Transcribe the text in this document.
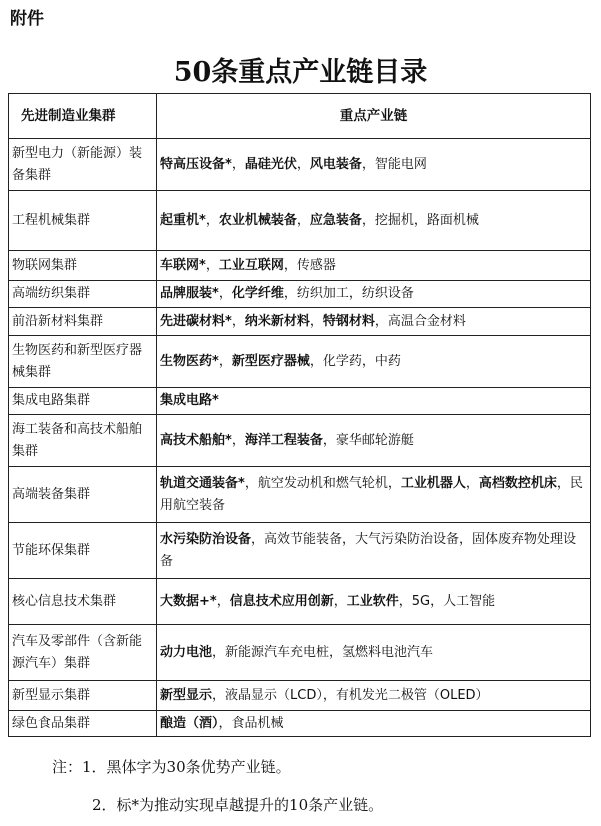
附件
50条重点产业链目录
先进制造业集群	重点产业链
新型电力（新能源）装备集群	特高压设备*，晶硅光伏，风电装备，智能电网
工程机械集群	起重机*，农业机械装备，应急装备，挖掘机，路面机械
物联网集群	车联网*，工业互联网，传感器
高端纺织集群	品牌服装*，化学纤维，纺织加工，纺织设备
前沿新材料集群	先进碳材料*，纳米新材料，特钢材料，高温合金材料
生物医药和新型医疗器械集群	生物医药*，新型医疗器械，化学药，中药
集成电路集群	集成电路*
海工装备和高技术船舶集群	高技术船舶*，海洋工程装备，豪华邮轮游艇
高端装备集群	轨道交通装备*，航空发动机和燃气轮机，工业机器人，高档数控机床，民用航空装备
节能环保集群	水污染防治设备，高效节能装备，大气污染防治设备，固体废弃物处理设备
核心信息技术集群	大数据+*，信息技术应用创新，工业软件，5G，人工智能
汽车及零部件（含新能源汽车）集群	动力电池，新能源汽车充电桩，氢燃料电池汽车
新型显示集群	新型显示，液晶显示（LCD），有机发光二极管（OLED）
绿色食品集群	酿造（酒），食品机械
注：1．黑体字为30条优势产业链。
2．标*为推动实现卓越提升的10条产业链。
